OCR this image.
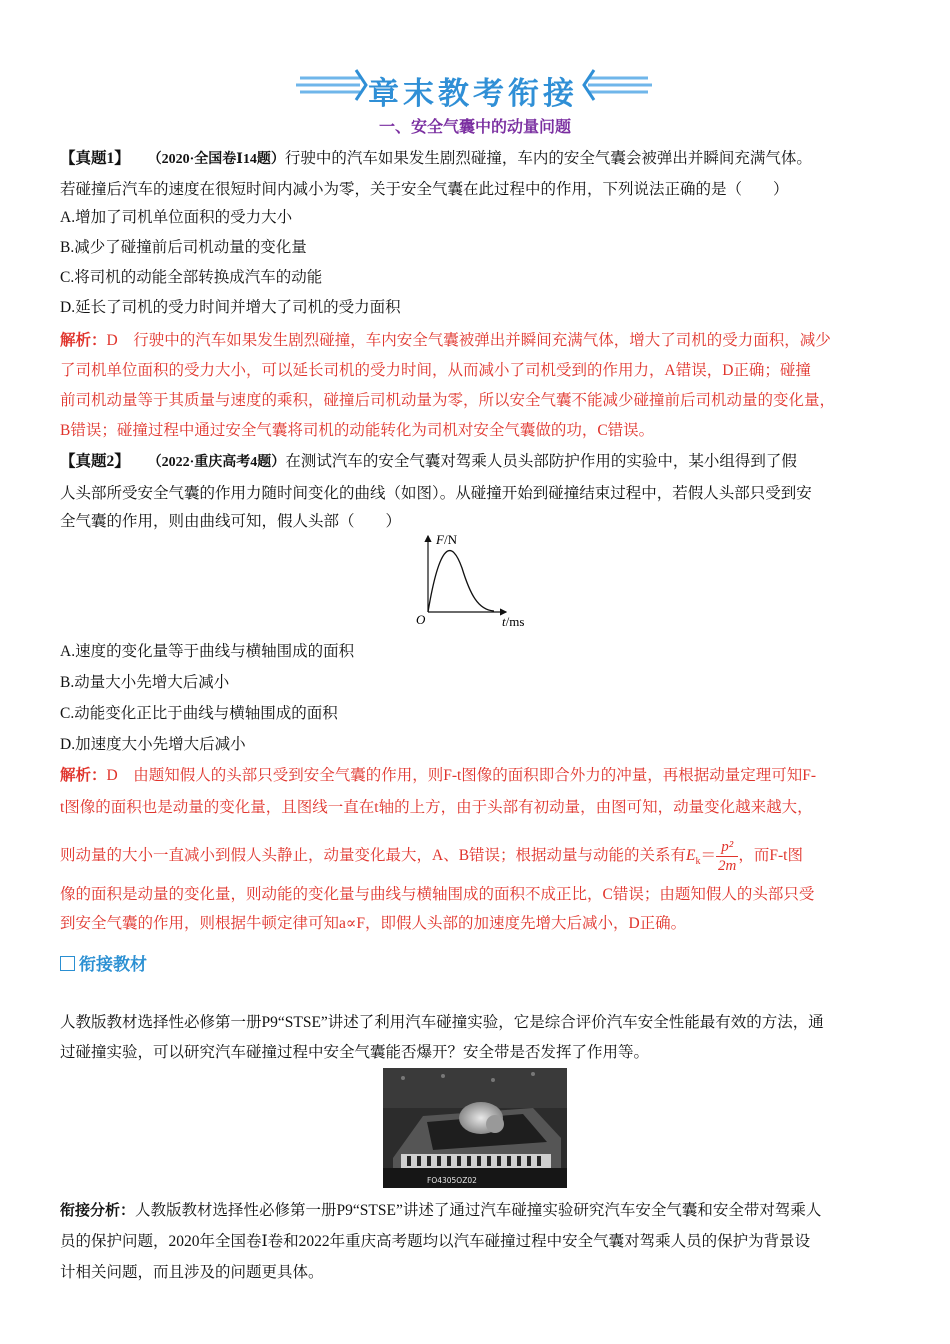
章末教考衔接
一、安全气囊中的动量问题
【真题1】 （2020·全国卷Ⅰ14题）行驶中的汽车如果发生剧烈碰撞，车内的安全气囊会被弹出并瞬间充满气体。
若碰撞后汽车的速度在很短时间内减小为零，关于安全气囊在此过程中的作用，下列说法正确的是（　　）
A.增加了司机单位面积的受力大小
B.减少了碰撞前后司机动量的变化量
C.将司机的动能全部转换成汽车的动能
D.延长了司机的受力时间并增大了司机的受力面积
解析：D　行驶中的汽车如果发生剧烈碰撞，车内安全气囊被弹出并瞬间充满气体，增大了司机的受力面积，减少
了司机单位面积的受力大小，可以延长司机的受力时间，从而减小了司机受到的作用力，A错误，D正确；碰撞
前司机动量等于其质量与速度的乘积，碰撞后司机动量为零，所以安全气囊不能减少碰撞前后司机动量的变化量，
B错误；碰撞过程中通过安全气囊将司机的动能转化为司机对安全气囊做的功，C错误。
【真题2】 （2022·重庆高考4题）在测试汽车的安全气囊对驾乘人员头部防护作用的实验中，某小组得到了假
人头部所受安全气囊的作用力随时间变化的曲线（如图）。从碰撞开始到碰撞结束过程中，若假人头部只受到安
全气囊的作用，则由曲线可知，假人头部（　　）
F/N
O	t/ms
A.速度的变化量等于曲线与横轴围成的面积
B.动量大小先增大后减小
C.动能变化正比于曲线与横轴围成的面积
D.加速度大小先增大后减小
解析：D　由题知假人的头部只受到安全气囊的作用，则F-t图像的面积即合外力的冲量，再根据动量定理可知F-
t图像的面积也是动量的变化量，且图线一直在t轴的上方，由于头部有初动量，由图可知，动量变化越来越大，
则动量的大小一直减小到假人头静止，动量变化最大，A、B错误；根据动量与动能的关系有$E_k= \frac{\text{p²}}{2m}$ ，而F-t图
像的面积是动量的变化量，则动能的变化量与曲线与横轴围成的面积不成正比，C错误；由题知假人的头部只受
到安全气囊的作用，则根据牛顿定律可知a∝F，即假人头部的加速度先增大后减小，D正确。
衔接教材
人教版教材选择性必修第一册P9“STSE”讲述了利用汽车碰撞实验，它是综合评价汽车安全性能最有效的方法，通
过碰撞实验，可以研究汽车碰撞过程中安全气囊能否爆开？安全带是否发挥了作用等。
FO4305OZ02
衔接分析：人教版教材选择性必修第一册P9“STSE”讲述了通过汽车碰撞实验研究汽车安全气囊和安全带对驾乘人
员的保护问题，2020年全国卷Ⅰ卷和2022年重庆高考题均以汽车碰撞过程中安全气囊对驾乘人员的保护为背景设
计相关问题，而且涉及的问题更具体。
